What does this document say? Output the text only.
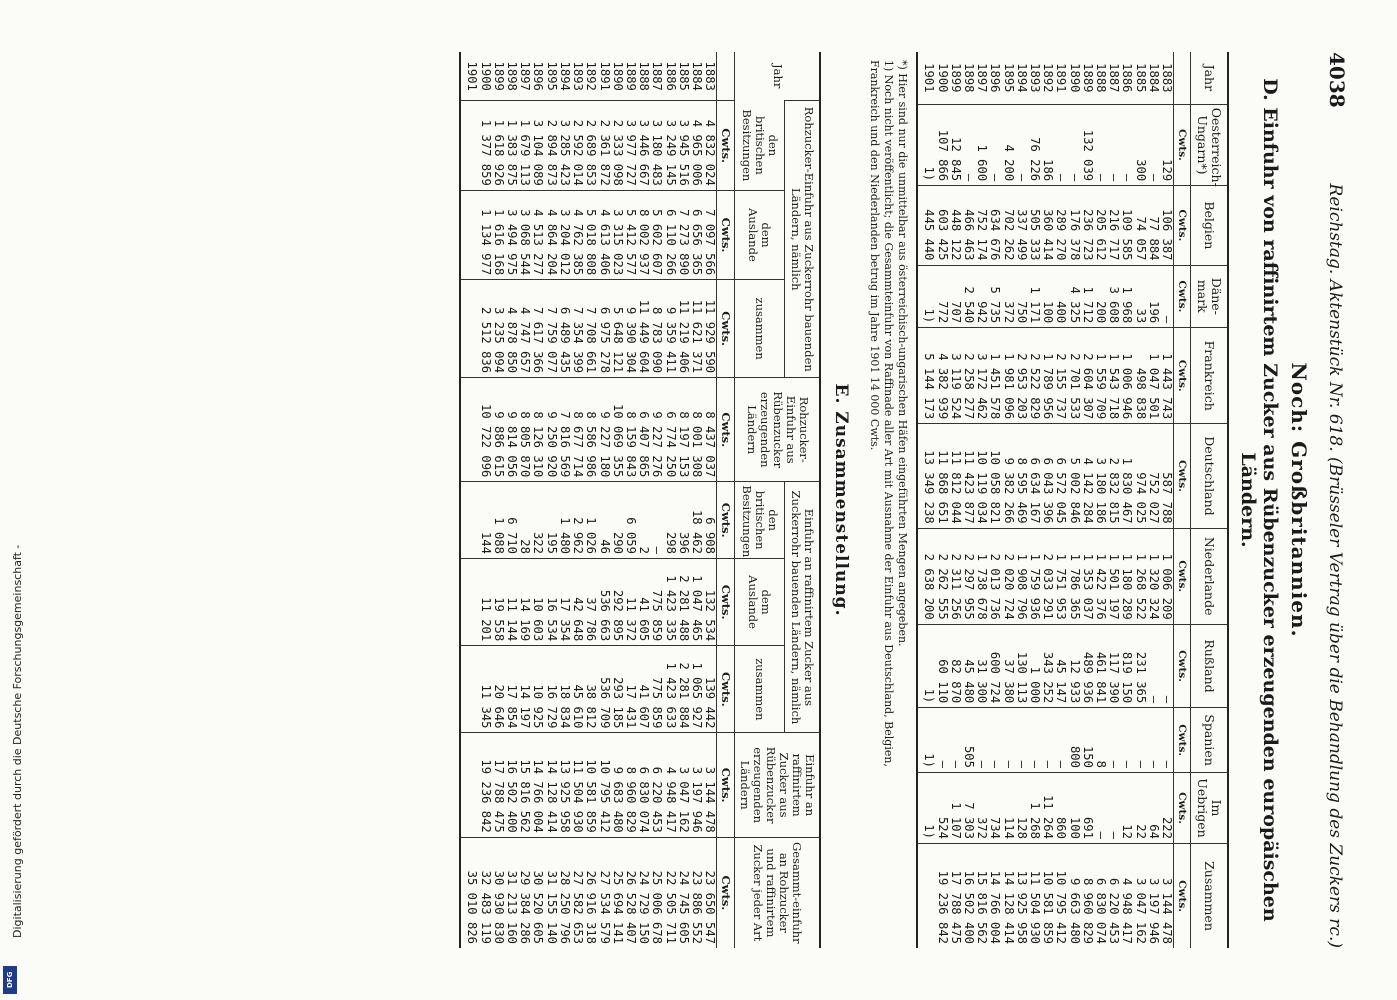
4038
Reichstag. Aktenstück Nr. 618. (Brüsseler Vertrag über die Behandlung des Zuckers rc.)
Noch: Großbritannien.
D. Einfuhr von raffinirtem Zucker aus Rübenzucker erzeugenden europäischen Ländern.
Jahr	Oesterreich-Ungarn*)	Belgien	Däne-mark	Frankreich	Deutschland	Niederlande	Rußland	Spanien	Im Uebrigen	Zusammen
	Cwts.	Cwts.	Cwts.	Cwts.	Cwts.	Cwts.	Cwts.	Cwts.	Cwts.	Cwts.
1883	129	106 387	—	1 443 743	587 788	1 006 209	—	—	222	3 144 478
1884	—	77 884	196	1 047 501	752 027	1 320 324	—	—	64	3 197 946
1885	300	74 057	33	498 838	974 025	1 268 522	231 365	—	22	3 047 162
1886	—	109 585	1 968	1 006 946	1 830 467	1 180 289	819 150	—	12	4 948 417
1887	—	216 717	3 608	1 543 718	2 832 815	1 501 197	117 390	—	—	6 220 453
1888	—	205 612	200	1 559 709	3 180 186	1 422 376	461 841	8	—	6 830 074
1889	132 039	236 723	1 712	2 604 307	4 142 284	1 353 037	489 936	150	691	8 960 829
1890	—	176 378	4 325	2 701 533	5 002 846	1 786 365	12 933	800	100	9 663 480
1891	—	289 270	400	2 155 737	6 572 045	1 751 953	45 147	—	860	10 795 412
1892	186	360 414	100	1 789 956	6 043 396	2 033 291	343 252	—	11 264	10 581 859
1893	76 226	505 333	1 171	2 522 829	6 634 167	1 759 936	1 000	—	1 268	11 504 930
1894	—	337 499	750	2 953 203	8 595 469	1 908 796	130 113	—	128	13 925 958
1895	4 200	702 262	372	1 981 096	9 382 266	2 020 724	37 380	—	114	14 128 414
1896	—	634 676	5 735	1 451 578	10 058 821	2 013 736	600 724	—	734	14 766 004
1897	1 600	752 174	942	3 172 462	10 119 034	1 738 678	31 300	—	372	15 816 562
1898	—	466 463	2 540	2 258 277	11 423 877	2 297 955	45 480	505	7 303	16 502 400
1899	12 845	448 122	707	3 119 524	11 812 044	2 311 256	82 870	—	1 107	17 788 475
1900	107 866	603 425	772	4 382 939	11 868 651	2 262 555	60 110	—	524	19 236 842
1901	1)	445 440	1)	5 144 173	13 349 238	2 638 200	1)	1)	1)	
*) Hier sind nur die unmittelbar aus österreichisch-ungarischen Häfen eingeführten Mengen angegeben.
1) Noch nicht veröffentlicht; die Gesammteinfuhr von Raffinade aller Art mit Ausnahme der Einfuhr aus Deutschland, Belgien,
Frankreich und den Niederlanden betrug im Jahre 1901 14 000 Cwts.
E. Zusammenstellung.
Jahr	Rohzucker-Einfuhr aus Zuckerrohr bauenden Ländern, nämlich			Rohzucker-Einfuhr aus Rübenzucker erzeugenden Ländern	Einfuhr an raffinirtem Zucker aus Zuckerrohr bauenden Ländern, nämlich			Einfuhr an raffinirtem Zucker aus Rübenzucker erzeugenden Ländern	Gesammt-einfuhr an Rohzucker und raffinirtem Zucker jeder Art
	den britischen Besitzungen	dem Auslande	zusammen		den britischen Besitzungen	dem Auslande	zusammen		
	Cwts.	Cwts.	Cwts.	Cwts.	Cwts.	Cwts.	Cwts.	Cwts.	Cwts.
1883	4 832 024	7 097 566	11 929 590	8 437 037	6 908	132 534	139 442	3 144 478	23 650 547
1884	4 965 006	6 656 365	11 621 371	8 001 308	18 462	1 047 465	1 065 927	3 197 946	23 886 552
1885	3 945 516	7 273 890	11 219 406	8 197 153	396	2 281 488	2 281 884	3 047 162	24 745 605
1886	3 249 145	6 110 266	9 359 411	6 774 250	298	1 423 335	1 423 633	4 948 417	22 505 711
1887	3 180 483	5 602 607	8 783 090	9 227 276	—	775 859	775 859	6 220 453	25 006 678
1888	3 446 667	8 002 937	11 449 604	6 407 865	2	41 605	41 607	6 830 074	24 729 150
1889	3 977 727	5 412 577	9 390 304	8 159 843	6 059	11 372	17 431	8 960 829	26 528 407
1890	2 333 098	3 315 023	5 648 121	10 069 355	290	292 895	293 185	9 683 480	25 694 141
1891	2 361 872	4 613 406	6 975 278	9 227 180	46	536 663	536 709	10 795 412	27 534 579
1892	2 689 853	5 018 808	7 708 661	8 586 986	1 026	37 786	38 812	10 581 859	26 916 318
1893	2 592 014	4 762 385	7 354 399	8 677 714	2 962	42 648	45 610	11 504 930	27 582 653
1894	3 285 423	3 204 012	6 489 435	7 816 569	1 480	17 354	18 834	13 925 958	28 250 796
1895	2 894 873	4 864 204	7 759 077	9 250 920	195	16 534	16 729	14 128 414	31 155 140
1896	3 104 089	4 513 277	7 617 366	8 126 310	322	10 603	10 925	14 766 004	30 520 605
1897	1 679 113	3 068 544	4 747 657	8 805 870	28	14 169	14 197	15 816 562	29 384 286
1898	1 383 875	3 494 975	4 878 850	9 814 056	6 710	11 144	17 854	16 502 400	31 213 160
1899	1 618 926	1 616 168	3 235 094	9 886 615	1 088	19 558	20 646	17 788 475	30 930 830
1900	1 377 859	1 134 977	2 512 836	10 722 096	144	11 201	11 345	19 236 842	32 483 119
1901									35 010 826
Digitalisierung gefördert durch die Deutsche Forschungsgemeinschaft -
DFG
